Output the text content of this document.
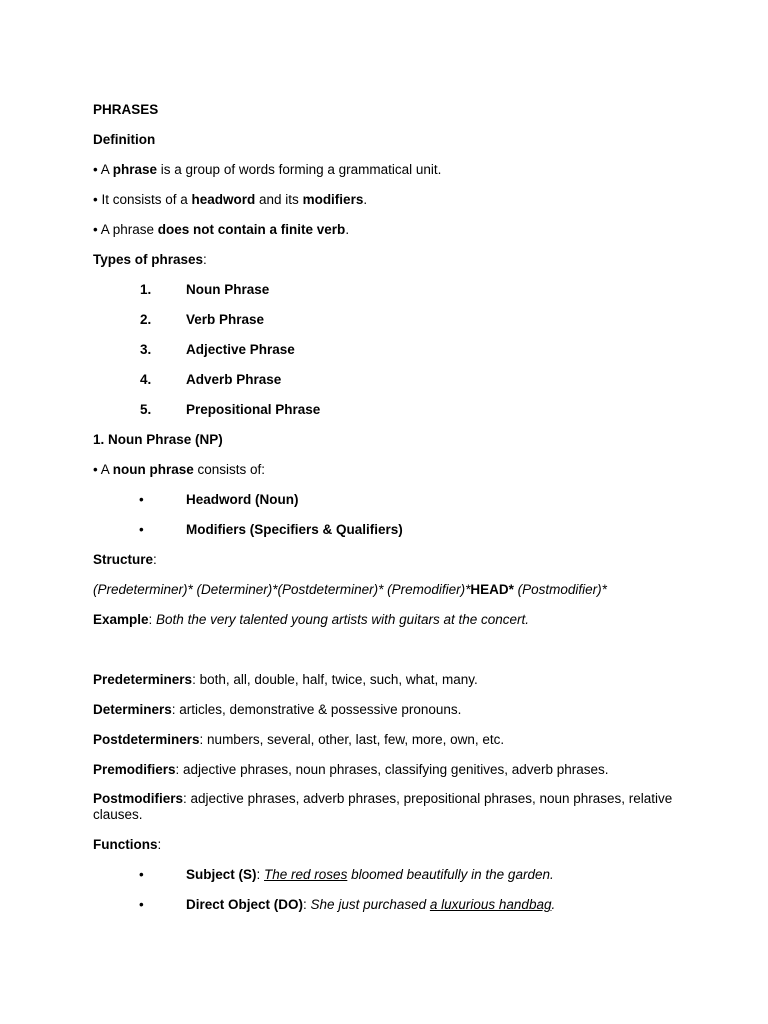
PHRASES
Definition
• A phrase is a group of words forming a grammatical unit.
• It consists of a headword and its modifiers.
• A phrase does not contain a finite verb.
Types of phrases:
1.	Noun Phrase
2.	Verb Phrase
3.	Adjective Phrase
4.	Adverb Phrase
5.	Prepositional Phrase
1. Noun Phrase (NP)
• A noun phrase consists of:
•	Headword (Noun)
•	Modifiers (Specifiers & Qualifiers)
Structure:
(Predeterminer)* (Determiner)*(Postdeterminer)* (Premodifier)*HEAD* (Postmodifier)*
Example: Both the very talented young artists with guitars at the concert.
Predeterminers: both, all, double, half, twice, such, what, many.
Determiners: articles, demonstrative & possessive pronouns.
Postdeterminers: numbers, several, other, last, few, more, own, etc.
Premodifiers: adjective phrases, noun phrases, classifying genitives, adverb phrases.
Postmodifiers: adjective phrases, adverb phrases, prepositional phrases, noun phrases, relative clauses.
Functions:
•	Subject (S): The red roses bloomed beautifully in the garden.
•	Direct Object (DO): She just purchased a luxurious handbag.
